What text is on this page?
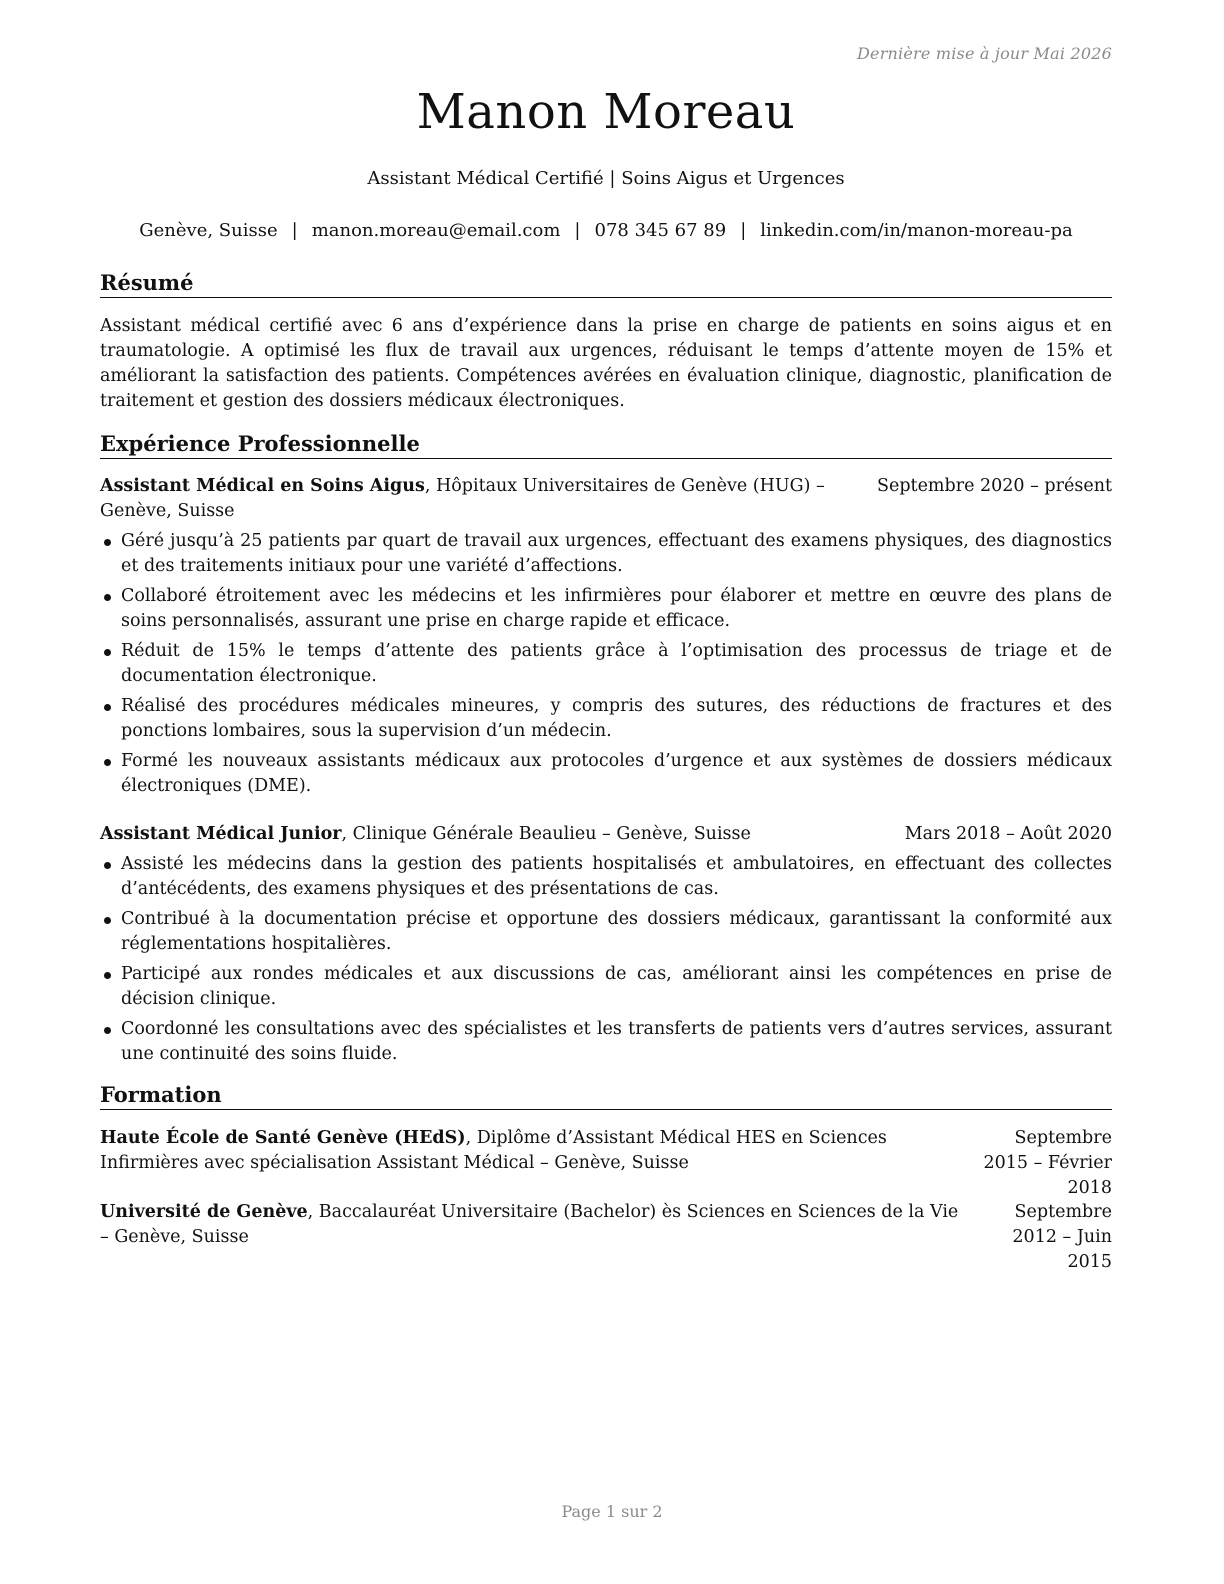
Dernière mise à jour Mai 2026
Manon Moreau
Assistant Médical Certifié | Soins Aigus et Urgences
Genève, Suisse | manon.moreau@email.com | 078 345 67 89 | linkedin.com/in/manon-moreau-pa
Résumé
Assistant médical certifié avec 6 ans d’expérience dans la prise en charge de patients en soins aigus et en traumatologie. A optimisé les flux de travail aux urgences, réduisant le temps d’attente moyen de 15% et améliorant la satisfaction des patients. Compétences avérées en évaluation clinique, diagnostic, planification de traitement et gestion des dossiers médicaux électroniques.
Expérience Professionnelle
Septembre 2020 – présent
Assistant Médical en Soins Aigus, Hôpitaux Universitaires de Genève (HUG) – Genève, Suisse
Géré jusqu’à 25 patients par quart de travail aux urgences, effectuant des examens physiques, des diagnostics et des traitements initiaux pour une variété d’affections.
Collaboré étroitement avec les médecins et les infirmières pour élaborer et mettre en œuvre des plans de soins personnalisés, assurant une prise en charge rapide et efficace.
Réduit de 15% le temps d’attente des patients grâce à l’optimisation des processus de triage et de documentation électronique.
Réalisé des procédures médicales mineures, y compris des sutures, des réductions de fractures et des ponctions lombaires, sous la supervision d’un médecin.
Formé les nouveaux assistants médicaux aux protocoles d’urgence et aux systèmes de dossiers médicaux électroniques (DME).
Mars 2018 – Août 2020
Assistant Médical Junior, Clinique Générale Beaulieu – Genève, Suisse
Assisté les médecins dans la gestion des patients hospitalisés et ambulatoires, en effectuant des collectes d’antécédents, des examens physiques et des présentations de cas.
Contribué à la documentation précise et opportune des dossiers médicaux, garantissant la conformité aux réglementations hospitalières.
Participé aux rondes médicales et aux discussions de cas, améliorant ainsi les compétences en prise de décision clinique.
Coordonné les consultations avec des spécialistes et les transferts de patients vers d’autres services, assurant une continuité des soins fluide.
Formation
Septembre 2015 – Février 2018
Haute École de Santé Genève (HEdS), Diplôme d’Assistant Médical HES en Sciences Infirmières avec spécialisation Assistant Médical – Genève, Suisse
Septembre 2012 – Juin 2015
Université de Genève, Baccalauréat Universitaire (Bachelor) ès Sciences en Sciences de la Vie – Genève, Suisse
Page 1 sur 2
